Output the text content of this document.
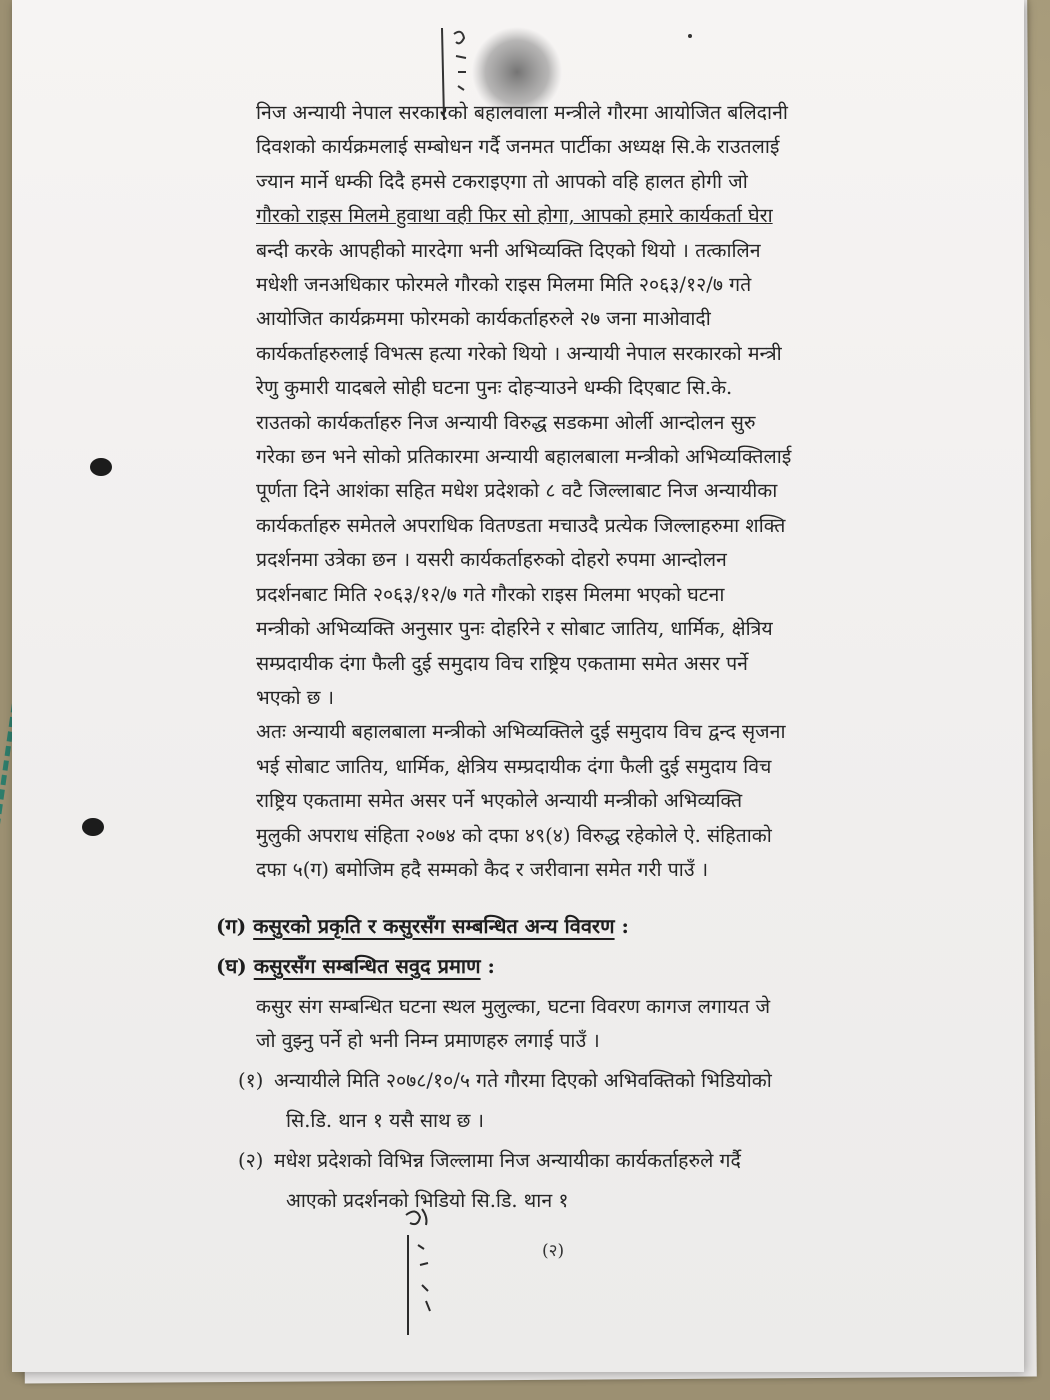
निज अन्यायी नेपाल सरकारको बहालवाला मन्त्रीले गौरमा आयोजित बलिदानी

दिवशको कार्यक्रमलाई सम्बोधन गर्दै जनमत पार्टीका अध्यक्ष सि.के राउतलाई

ज्यान मार्ने धम्की दिदै हमसे टकराइएगा तो आपको वहि हालत होगी जो

गौरको राइस मिलमे हुवाथा वही फिर सो होगा, आपको हमारे कार्यकर्ता घेरा

बन्दी करके आपहीको मारदेगा भनी अभिव्यक्ति दिएको थियो । तत्कालिन

मधेशी जनअधिकार फोरमले गौरको राइस मिलमा मिति २०६३/१२/७ गते

आयोजित कार्यक्रममा फोरमको कार्यकर्ताहरुले २७ जना माओवादी

कार्यकर्ताहरुलाई विभत्स हत्या गरेको थियो । अन्यायी नेपाल सरकारको मन्त्री

रेणु कुमारी यादबले सोही घटना पुनः दोहऱ्याउने धम्की दिएबाट सि.के.

राउतको कार्यकर्ताहरु निज अन्यायी विरुद्ध सडकमा ओर्ली आन्दोलन सुरु

गरेका छन भने सोको प्रतिकारमा अन्यायी बहालबाला मन्त्रीको अभिव्यक्तिलाई

पूर्णता दिने आशंका सहित मधेश प्रदेशको ८ वटै जिल्लाबाट निज अन्यायीका

कार्यकर्ताहरु समेतले अपराधिक वितण्डता मचाउदै प्रत्येक जिल्लाहरुमा शक्ति

प्रदर्शनमा उत्रेका छन । यसरी कार्यकर्ताहरुको दोहरो रुपमा आन्दोलन

प्रदर्शनबाट मिति २०६३/१२/७ गते गौरको राइस मिलमा भएको घटना

मन्त्रीको अभिव्यक्ति अनुसार पुनः दोहरिने र सोबाट जातिय, धार्मिक, क्षेत्रिय

सम्प्रदायीक दंगा फैली दुई समुदाय विच राष्ट्रिय एकतामा समेत असर पर्ने

भएको छ ।

अतः अन्यायी बहालबाला मन्त्रीको अभिव्यक्तिले दुई समुदाय विच द्वन्द सृजना

भई सोबाट जातिय, धार्मिक, क्षेत्रिय सम्प्रदायीक दंगा फैली दुई समुदाय विच

राष्ट्रिय एकतामा समेत असर पर्ने भएकोले अन्यायी मन्त्रीको अभिव्यक्ति

मुलुकी अपराध संहिता २०७४ को दफा ४९(४) विरुद्ध रहेकोले ऐ. संहिताको

दफा ५(ग) बमोजिम हदै सम्मको कैद र जरीवाना समेत गरी पाउँ ।

(ग) कसुरको प्रकृति र कसुरसँग सम्बन्धित अन्य विवरण :
(घ) कसुरसँग सम्बन्धित सवुद प्रमाण :
कसुर संग सम्बन्धित घटना स्थल मुलुल्का, घटना विवरण कागज लगायत जे
जो वुझ्नु पर्ने हो भनी निम्न प्रमाणहरु लगाई पाउँ ।
(१) अन्यायीले मिति २०७८/१०/५ गते गौरमा दिएको अभिवक्तिको भिडियोको
सि.डि. थान १ यसै साथ छ ।
(२) मधेश प्रदेशको विभिन्न जिल्लामा निज अन्यायीका कार्यकर्ताहरुले गर्दै
आएको प्रदर्शनको भिडियो सि.डि. थान १
(२)
